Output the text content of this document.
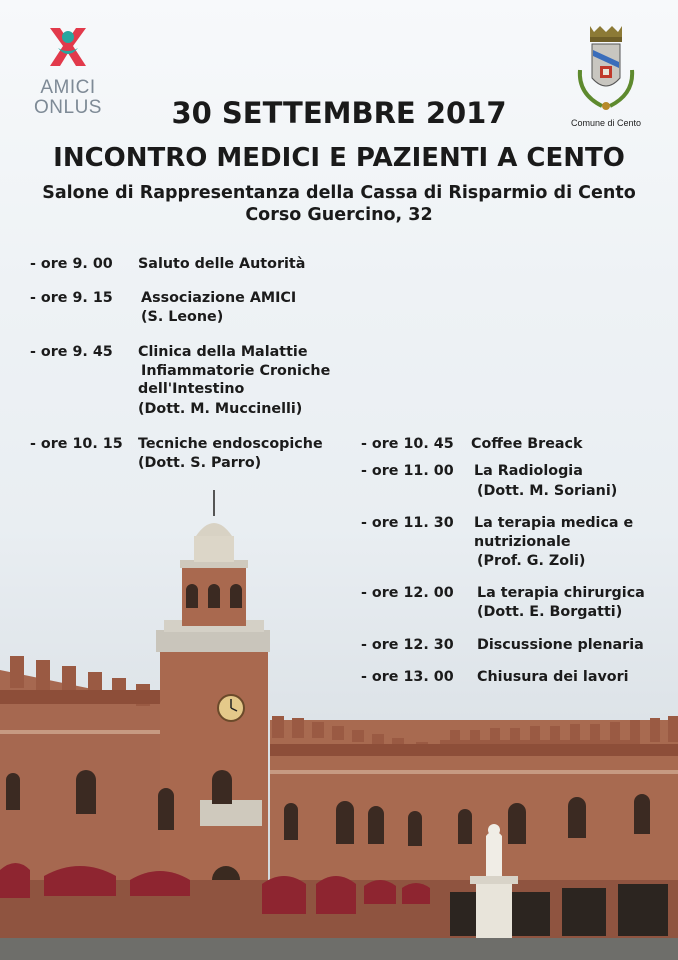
AMICI
ONLUS
Comune di Cento
30 SETTEMBRE 2017
INCONTRO MEDICI E PAZIENTI A CENTO
Salone di Rappresentanza della Cassa di Risparmio di Cento
Corso Guercino, 32
- ore 9. 00 Saluto delle Autorità
- ore 9. 15 Associazione AMICI
(S. Leone)
- ore 9. 45 Clinica della Malattie
Infiammatorie Croniche
dell'Intestino
(Dott. M. Muccinelli)
- ore 10. 15 Tecniche endoscopiche
(Dott. S. Parro)
- ore 10. 45 Coffee Breack
- ore 11. 00 La Radiologia
(Dott. M. Soriani)
- ore 11. 30 La terapia medica e
nutrizionale
(Prof. G. Zoli)
- ore 12. 00 La terapia chirurgica
(Dott. E. Borgatti)
- ore 12. 30 Discussione plenaria
- ore 13. 00 Chiusura dei lavori
